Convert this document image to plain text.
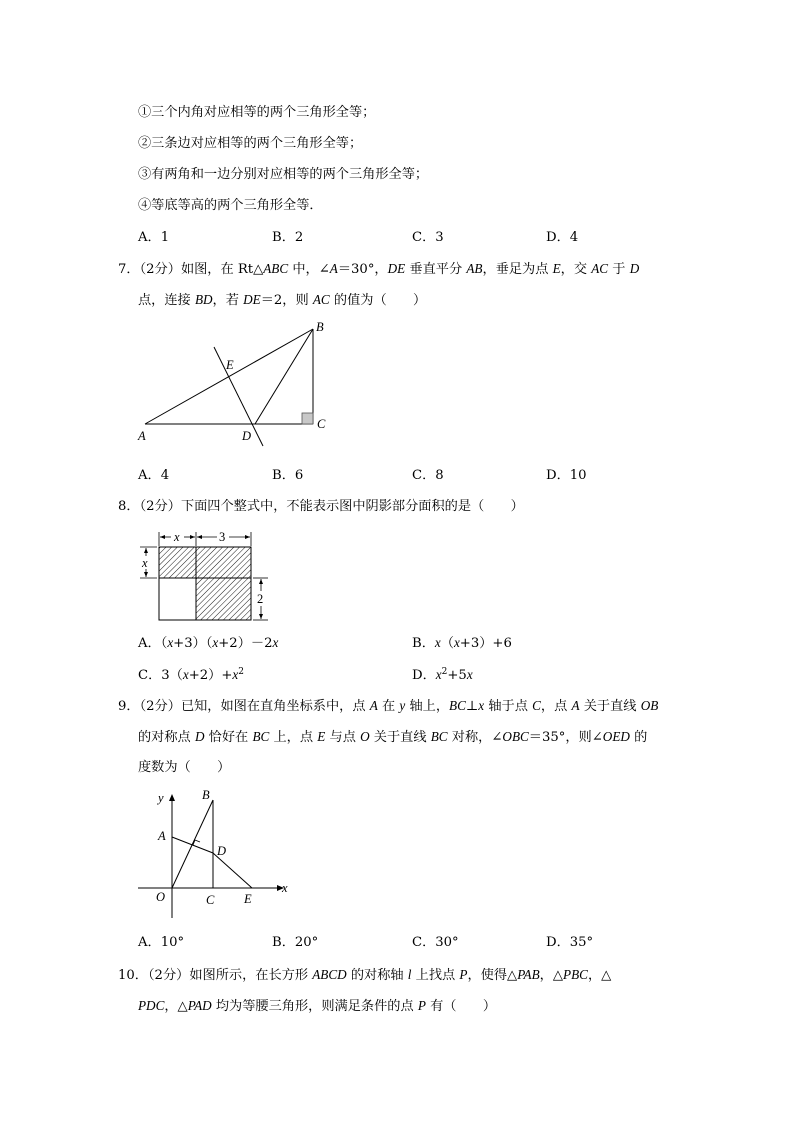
①三个内角对应相等的两个三角形全等；
②三条边对应相等的两个三角形全等；
③有两角和一边分别对应相等的两个三角形全等；
④等底等高的两个三角形全等．
A．1	B．2	C．3	D．4
7．（2分）如图，在 Rt△ABC 中，∠A＝30°，DE 垂直平分 AB，垂足为点 E，交 AC 于 D
点，连接 BD，若 DE＝2，则 AC 的值为（　　）
B
E
A	D
C
A．4	B．6	C．8	D．10
8．（2分）下面四个整式中，不能表示图中阴影部分面积的是（　　）
x	3
x
2
A．（x+3）（x+2）－2x	B．x（x+3）+6
C．$3(x+2)+x^2$	D．$x^2+5x$
9．（2分）已知，如图在直角坐标系中，点 A 在 y 轴上，BC⊥x 轴于点 C，点 A 关于直线 OB
的对称点 D 恰好在 BC 上，点 E 与点 O 关于直线 BC 对称，∠OBC＝35°，则∠OED 的
度数为（　　）
y	B
A
D
O	C E
x
A．10°	B．20°	C．30°	D．35°
10．（2分）如图所示，在长方形 ABCD 的对称轴 l 上找点 P，使得△PAB，△PBC，△
PDC，△PAD 均为等腰三角形，则满足条件的点 P 有（　　）
